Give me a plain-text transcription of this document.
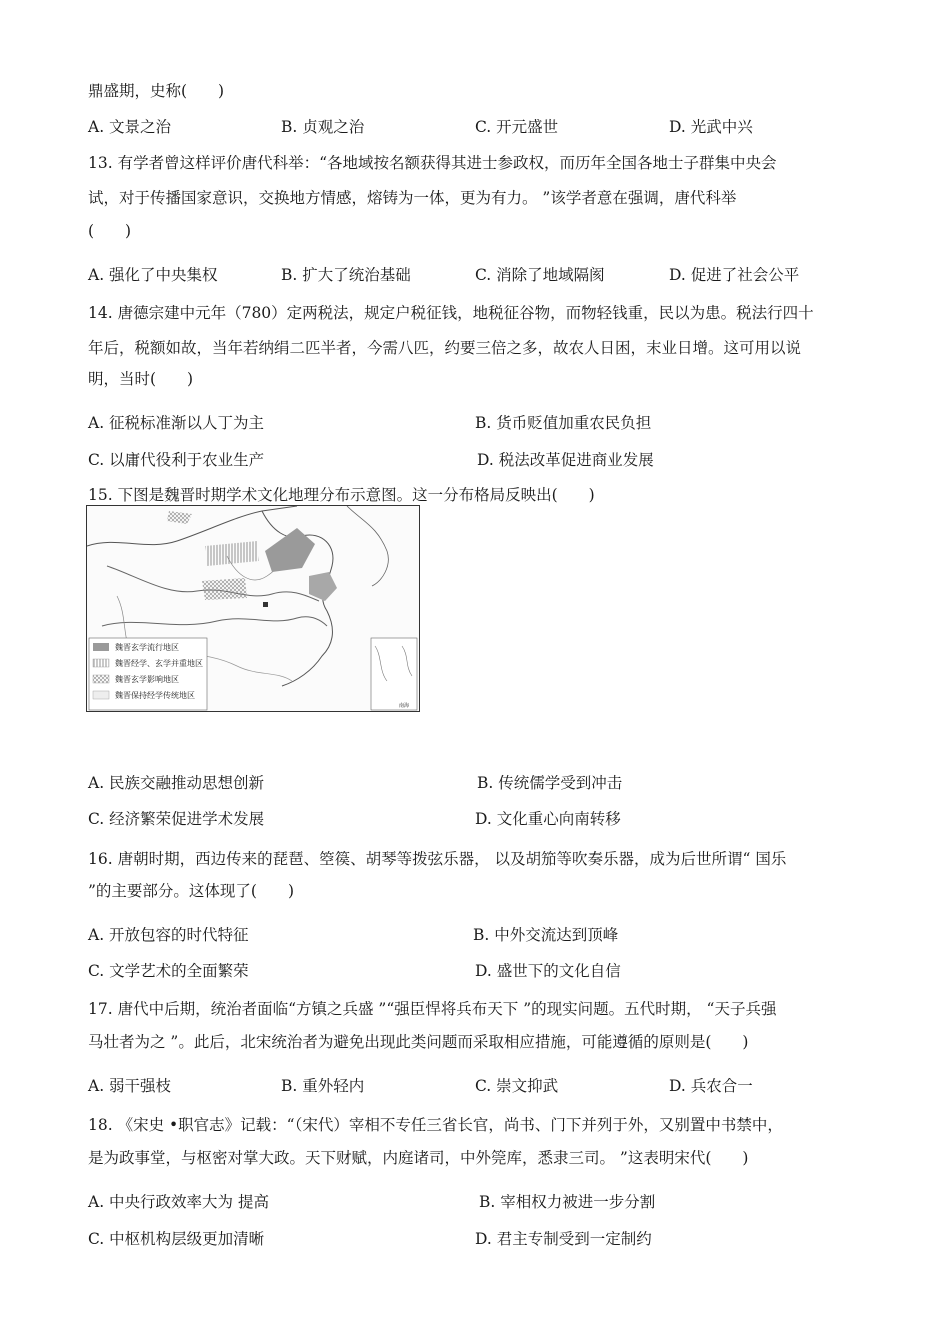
鼎盛期，史称(　　)
A. 文景之治	B. 贞观之治	C. 开元盛世	D. 光武中兴
13. 有学者曾这样评价唐代科举：“各地域按名额获得其进士参政权，而历年全国各地士子群集中央会
试，对于传播国家意识，交换地方情感，熔铸为一体，更为有力。 ”该学者意在强调，唐代科举
(　　)
A. 强化了中央集权	B. 扩大了统治基础	C. 消除了地域隔阂	D. 促进了社会公平
14. 唐德宗建中元年（780）定两税法，规定户税征钱，地税征谷物，而物轻钱重，民以为患。税法行四十
年后，税额如故，当年若纳绢二匹半者，今需八匹，约要三倍之多，故农人日困，末业日增。这可用以说
明，当时(　　)
A. 征税标准渐以人丁为主	B. 货币贬值加重农民负担
C. 以庸代役利于农业生产	D. 税法改革促进商业发展
15. 下图是魏晋时期学术文化地理分布示意图。这一分布格局反映出(　　)
魏晋玄学流行地区
魏晋经学、玄学并重地区
魏晋玄学影响地区
魏晋保持经学传统地区
南海
A. 民族交融推动思想创新	B. 传统儒学受到冲击
C. 经济繁荣促进学术发展	D. 文化重心向南转移
16. 唐朝时期，西边传来的琵琶、箜篌、胡琴等拨弦乐器， 以及胡笳等吹奏乐器，成为后世所谓“ 国乐
”的主要部分。这体现了(　　)
A. 开放包容的时代特征	B. 中外交流达到顶峰
C. 文学艺术的全面繁荣	D. 盛世下的文化自信
17. 唐代中后期，统治者面临“方镇之兵盛 ”“强臣悍将兵布天下 ”的现实问题。五代时期， “天子兵强
马壮者为之 ”。此后，北宋统治者为避免出现此类问题而采取相应措施，可能遵循的原则是(　　)
A. 弱干强枝	B. 重外轻内	C. 崇文抑武	D. 兵农合一
18. 《宋史 •职官志》记载：“（宋代）宰相不专任三省长官，尚书、门下并列于外，又别置中书禁中，
是为政事堂，与枢密对掌大政。天下财赋，内庭诸司，中外筦库，悉隶三司。 ”这表明宋代(　　)
A. 中央行政效率大为 提高	B. 宰相权力被进一步分割
C. 中枢机构层级更加清晰	D. 君主专制受到一定制约
